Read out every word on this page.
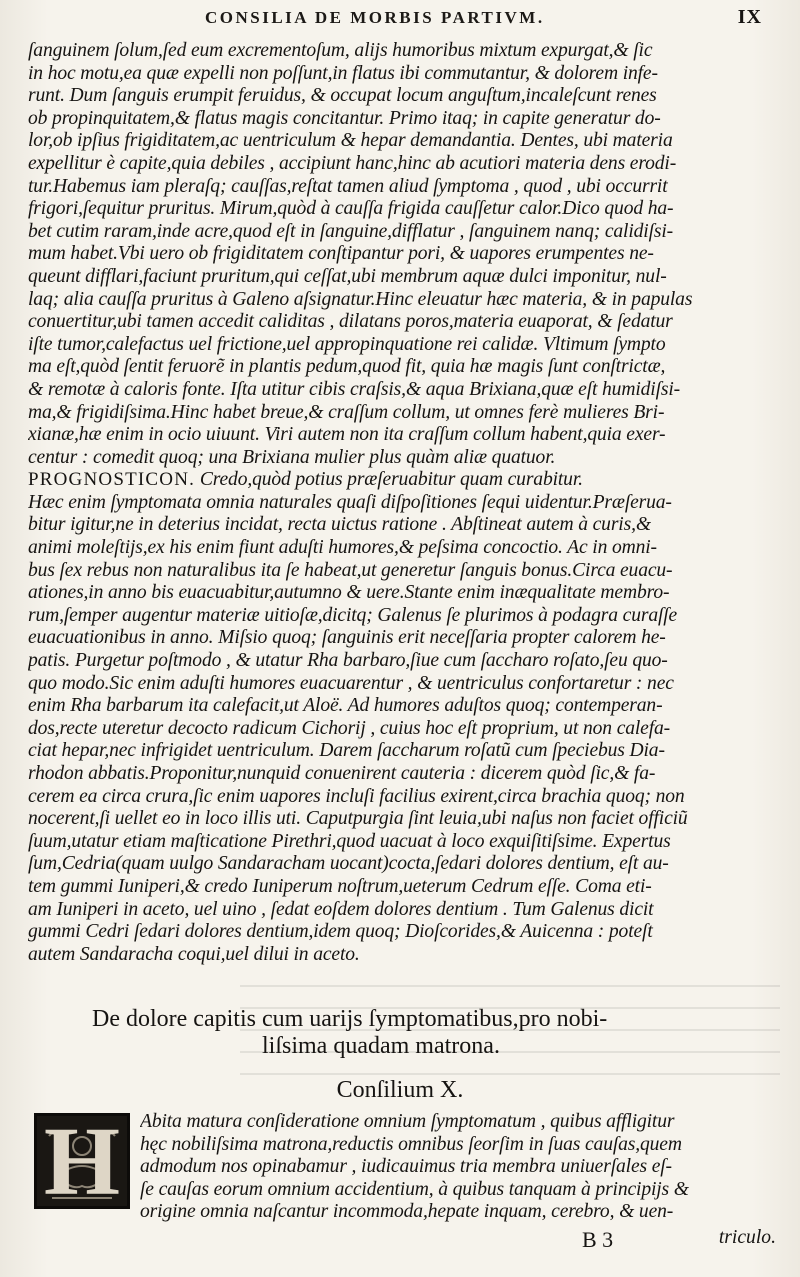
CONSILIA DE MORBIS PARTIVM.	IX
ſanguinem ſolum,ſed eum excrementoſum, alijs humoribus mixtum expurgat,& ſic
in hoc motu,ea quæ expelli non poſſunt,in flatus ibi commutantur, & dolorem infe-
runt. Dum ſanguis erumpit feruidus, & occupat locum anguſtum,incaleſcunt renes
ob propinquitatem,& flatus magis concitantur. Primo itaq; in capite generatur do-
lor,ob ipſius frigiditatem,ac uentriculum & hepar demandantia. Dentes, ubi materia
expellitur è capite,quia debiles , accipiunt hanc,hinc ab acutiori materia dens erodi-
tur.Habemus iam pleraſq; cauſſas,reſtat tamen aliud ſymptoma , quod , ubi occurrit
frigori,ſequitur pruritus. Mirum,quòd à cauſſa frigida cauſſetur calor.Dico quod ha-
bet cutim raram,inde acre,quod eſt in ſanguine,difflatur , ſanguinem nanq; calidiſsi-
mum habet.Vbi uero ob frigiditatem conſtipantur pori, & uapores erumpentes ne-
queunt difflari,faciunt pruritum,qui ceſſat,ubi membrum aquæ dulci imponitur, nul-
laq; alia cauſſa pruritus à Galeno aſsignatur.Hinc eleuatur hæc materia, & in papulas
conuertitur,ubi tamen accedit caliditas , dilatans poros,materia euaporat, & ſedatur
iſte tumor,calefactus uel frictione,uel appropinquatione rei calidæ. Vltimum ſympto
ma eſt,quòd ſentit feruorẽ in plantis pedum,quod fit, quia hæ magis ſunt conſtrictæ,
& remotæ à caloris fonte. Iſta utitur cibis craſsis,& aqua Brixiana,quæ eſt humidiſsi-
ma,& frigidiſsima.Hinc habet breue,& craſſum collum, ut omnes ferè mulieres Bri-
xianæ,hæ enim in ocio uiuunt. Viri autem non ita craſſum collum habent,quia exer-
centur : comedit quoq; una Brixiana mulier plus quàm aliæ quatuor.
PROGNOSTICON. Credo,quòd potius præſeruabitur quam curabitur.
Hæc enim ſymptomata omnia naturales quaſi diſpoſitiones ſequi uidentur.Præſerua-
bitur igitur,ne in deterius incidat, recta uictus ratione . Abſtineat autem à curis,&
animi moleſtijs,ex his enim fiunt aduſti humores,& peſsima concoctio. Ac in omni-
bus ſex rebus non naturalibus ita ſe habeat,ut generetur ſanguis bonus.Circa euacu-
ationes,in anno bis euacuabitur,autumno & uere.Stante enim inæqualitate membro-
rum,ſemper augentur materiæ uitioſæ,dicitq; Galenus ſe plurimos à podagra curaſſe
euacuationibus in anno. Miſsio quoq; ſanguinis erit neceſſaria propter calorem he-
patis. Purgetur poſtmodo , & utatur Rha barbaro,ſiue cum ſaccharo roſato,ſeu quo-
quo modo.Sic enim aduſti humores euacuarentur , & uentriculus confortaretur : nec
enim Rha barbarum ita calefacit,ut Aloë. Ad humores aduſtos quoq; contemperan-
dos,recte uteretur decocto radicum Cichorij , cuius hoc eſt proprium, ut non calefa-
ciat hepar,nec infrigidet uentriculum. Darem ſaccharum roſatũ cum ſpeciebus Dia-
rhodon abbatis.Proponitur,nunquid conuenirent cauteria : dicerem quòd ſic,& fa-
cerem ea circa crura,ſic enim uapores incluſi facilius exirent,circa brachia quoq; non
nocerent,ſi uellet eo in loco illis uti. Caputpurgia ſint leuia,ubi naſus non faciet officiũ
ſuum,utatur etiam maſticatione Pirethri,quod uacuat à loco exquiſitiſsime. Expertus
ſum,Cedria(quam uulgo Sandaracham uocant)cocta,ſedari dolores dentium, eſt au-
tem gummi Iuniperi,& credo Iuniperum noſtrum,ueterum Cedrum eſſe. Coma eti-
am Iuniperi in aceto, uel uino , ſedat eoſdem dolores dentium . Tum Galenus dicit
gummi Cedri ſedari dolores dentium,idem quoq; Dioſcorides,& Auicenna : poteſt
autem Sandaracha coqui,uel dilui in aceto.
De dolore capitis cum uarijs ſymptomatibus,pro nobi-
liſsima quadam matrona.
Conſilium X.
H	Abita matura conſideratione omnium ſymptomatum , quibus affligitur
hęc nobiliſsima matrona,reductis omnibus ſeorſim in ſuas cauſas,quem
admodum nos opinabamur , iudicauimus tria membra uniuerſales eſ-
ſe cauſas eorum omnium accidentium, à quibus tanquam à principijs &
origine omnia naſcantur incommoda,hepate inquam, cerebro, & uen-
B 3	triculo.
